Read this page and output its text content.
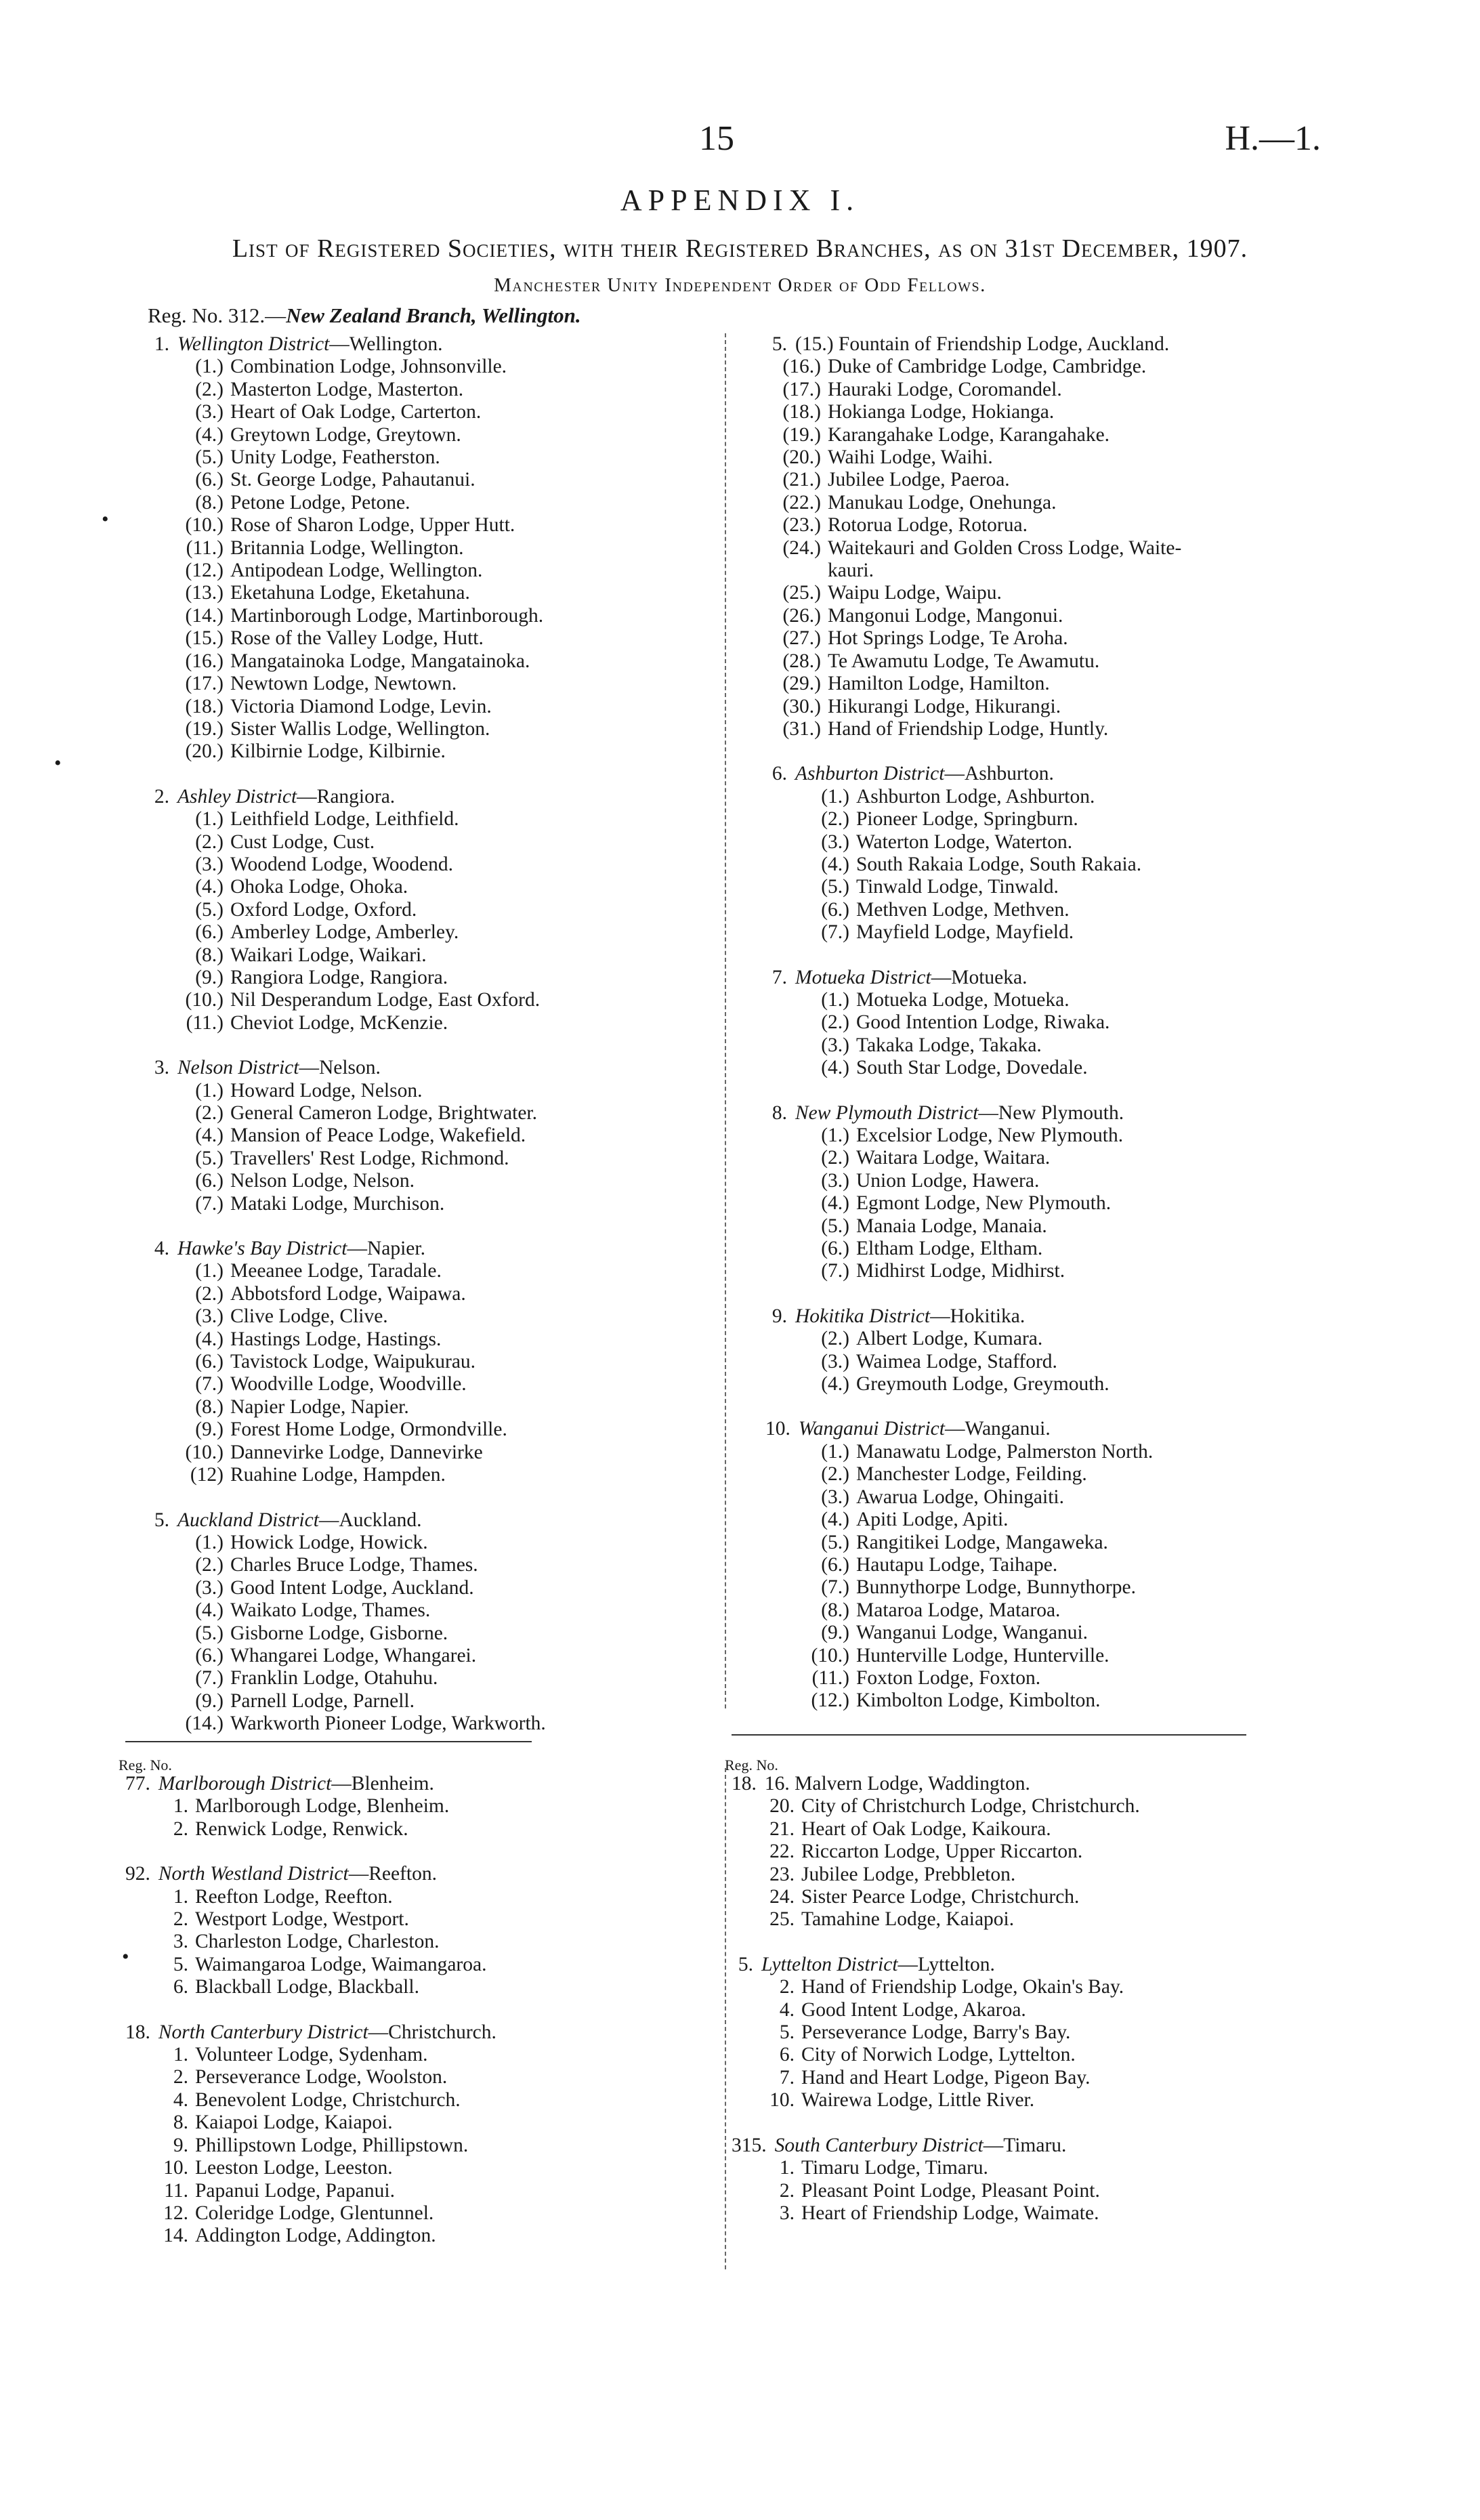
15	H.—1.
APPENDIX I.
List of Registered Societies, with their Registered Branches, as on 31st December, 1907.
Manchester Unity Independent Order of Odd Fellows.
Reg. No. 312.—New Zealand Branch, Wellington.
1. Wellington District—Wellington.
(1.) Combination Lodge, Johnsonville.
(2.) Masterton Lodge, Masterton.
(3.) Heart of Oak Lodge, Carterton.
(4.) Greytown Lodge, Greytown.
(5.) Unity Lodge, Featherston.
(6.) St. George Lodge, Pahautanui.
(8.) Petone Lodge, Petone.
(10.) Rose of Sharon Lodge, Upper Hutt.
(11.) Britannia Lodge, Wellington.
(12.) Antipodean Lodge, Wellington.
(13.) Eketahuna Lodge, Eketahuna.
(14.) Martinborough Lodge, Martinborough.
(15.) Rose of the Valley Lodge, Hutt.
(16.) Mangatainoka Lodge, Mangatainoka.
(17.) Newtown Lodge, Newtown.
(18.) Victoria Diamond Lodge, Levin.
(19.) Sister Wallis Lodge, Wellington.
(20.) Kilbirnie Lodge, Kilbirnie.
2. Ashley District—Rangiora.
(1.) Leithfield Lodge, Leithfield.
(2.) Cust Lodge, Cust.
(3.) Woodend Lodge, Woodend.
(4.) Ohoka Lodge, Ohoka.
(5.) Oxford Lodge, Oxford.
(6.) Amberley Lodge, Amberley.
(8.) Waikari Lodge, Waikari.
(9.) Rangiora Lodge, Rangiora.
(10.) Nil Desperandum Lodge, East Oxford.
(11.) Cheviot Lodge, McKenzie.
3. Nelson District—Nelson.
(1.) Howard Lodge, Nelson.
(2.) General Cameron Lodge, Brightwater.
(4.) Mansion of Peace Lodge, Wakefield.
(5.) Travellers' Rest Lodge, Richmond.
(6.) Nelson Lodge, Nelson.
(7.) Mataki Lodge, Murchison.
4. Hawke's Bay District—Napier.
(1.) Meeanee Lodge, Taradale.
(2.) Abbotsford Lodge, Waipawa.
(3.) Clive Lodge, Clive.
(4.) Hastings Lodge, Hastings.
(6.) Tavistock Lodge, Waipukurau.
(7.) Woodville Lodge, Woodville.
(8.) Napier Lodge, Napier.
(9.) Forest Home Lodge, Ormondville.
(10.) Dannevirke Lodge, Dannevirke
(12) Ruahine Lodge, Hampden.
5. Auckland District—Auckland.
(1.) Howick Lodge, Howick.
(2.) Charles Bruce Lodge, Thames.
(3.) Good Intent Lodge, Auckland.
(4.) Waikato Lodge, Thames.
(5.) Gisborne Lodge, Gisborne.
(6.) Whangarei Lodge, Whangarei.
(7.) Franklin Lodge, Otahuhu.
(9.) Parnell Lodge, Parnell.
(14.) Warkworth Pioneer Lodge, Warkworth.
5. (15.) Fountain of Friendship Lodge, Auckland.
(16.) Duke of Cambridge Lodge, Cambridge.
(17.) Hauraki Lodge, Coromandel.
(18.) Hokianga Lodge, Hokianga.
(19.) Karangahake Lodge, Karangahake.
(20.) Waihi Lodge, Waihi.
(21.) Jubilee Lodge, Paeroa.
(22.) Manukau Lodge, Onehunga.
(23.) Rotorua Lodge, Rotorua.
(24.) Waitekauri and Golden Cross Lodge, Waite-
kauri.
(25.) Waipu Lodge, Waipu.
(26.) Mangonui Lodge, Mangonui.
(27.) Hot Springs Lodge, Te Aroha.
(28.) Te Awamutu Lodge, Te Awamutu.
(29.) Hamilton Lodge, Hamilton.
(30.) Hikurangi Lodge, Hikurangi.
(31.) Hand of Friendship Lodge, Huntly.
6. Ashburton District—Ashburton.
(1.) Ashburton Lodge, Ashburton.
(2.) Pioneer Lodge, Springburn.
(3.) Waterton Lodge, Waterton.
(4.) South Rakaia Lodge, South Rakaia.
(5.) Tinwald Lodge, Tinwald.
(6.) Methven Lodge, Methven.
(7.) Mayfield Lodge, Mayfield.
7. Motueka District—Motueka.
(1.) Motueka Lodge, Motueka.
(2.) Good Intention Lodge, Riwaka.
(3.) Takaka Lodge, Takaka.
(4.) South Star Lodge, Dovedale.
8. New Plymouth District—New Plymouth.
(1.) Excelsior Lodge, New Plymouth.
(2.) Waitara Lodge, Waitara.
(3.) Union Lodge, Hawera.
(4.) Egmont Lodge, New Plymouth.
(5.) Manaia Lodge, Manaia.
(6.) Eltham Lodge, Eltham.
(7.) Midhirst Lodge, Midhirst.
9. Hokitika District—Hokitika.
(2.) Albert Lodge, Kumara.
(3.) Waimea Lodge, Stafford.
(4.) Greymouth Lodge, Greymouth.
10. Wanganui District—Wanganui.
(1.) Manawatu Lodge, Palmerston North.
(2.) Manchester Lodge, Feilding.
(3.) Awarua Lodge, Ohingaiti.
(4.) Apiti Lodge, Apiti.
(5.) Rangitikei Lodge, Mangaweka.
(6.) Hautapu Lodge, Taihape.
(7.) Bunnythorpe Lodge, Bunnythorpe.
(8.) Mataroa Lodge, Mataroa.
(9.) Wanganui Lodge, Wanganui.
(10.) Hunterville Lodge, Hunterville.
(11.) Foxton Lodge, Foxton.
(12.) Kimbolton Lodge, Kimbolton.
Reg. No.
77. Marlborough District—Blenheim.
1. Marlborough Lodge, Blenheim.
2. Renwick Lodge, Renwick.
92. North Westland District—Reefton.
1. Reefton Lodge, Reefton.
2. Westport Lodge, Westport.
3. Charleston Lodge, Charleston.
5. Waimangaroa Lodge, Waimangaroa.
6. Blackball Lodge, Blackball.
18. North Canterbury District—Christchurch.
1. Volunteer Lodge, Sydenham.
2. Perseverance Lodge, Woolston.
4. Benevolent Lodge, Christchurch.
8. Kaiapoi Lodge, Kaiapoi.
9. Phillipstown Lodge, Phillipstown.
10. Leeston Lodge, Leeston.
11. Papanui Lodge, Papanui.
12. Coleridge Lodge, Glentunnel.
14. Addington Lodge, Addington.
Reg. No.
18. 16. Malvern Lodge, Waddington.
20. City of Christchurch Lodge, Christchurch.
21. Heart of Oak Lodge, Kaikoura.
22. Riccarton Lodge, Upper Riccarton.
23. Jubilee Lodge, Prebbleton.
24. Sister Pearce Lodge, Christchurch.
25. Tamahine Lodge, Kaiapoi.
5. Lyttelton District—Lyttelton.
2. Hand of Friendship Lodge, Okain's Bay.
4. Good Intent Lodge, Akaroa.
5. Perseverance Lodge, Barry's Bay.
6. City of Norwich Lodge, Lyttelton.
7. Hand and Heart Lodge, Pigeon Bay.
10. Wairewa Lodge, Little River.
315. South Canterbury District—Timaru.
1. Timaru Lodge, Timaru.
2. Pleasant Point Lodge, Pleasant Point.
3. Heart of Friendship Lodge, Waimate.
•
•
•
